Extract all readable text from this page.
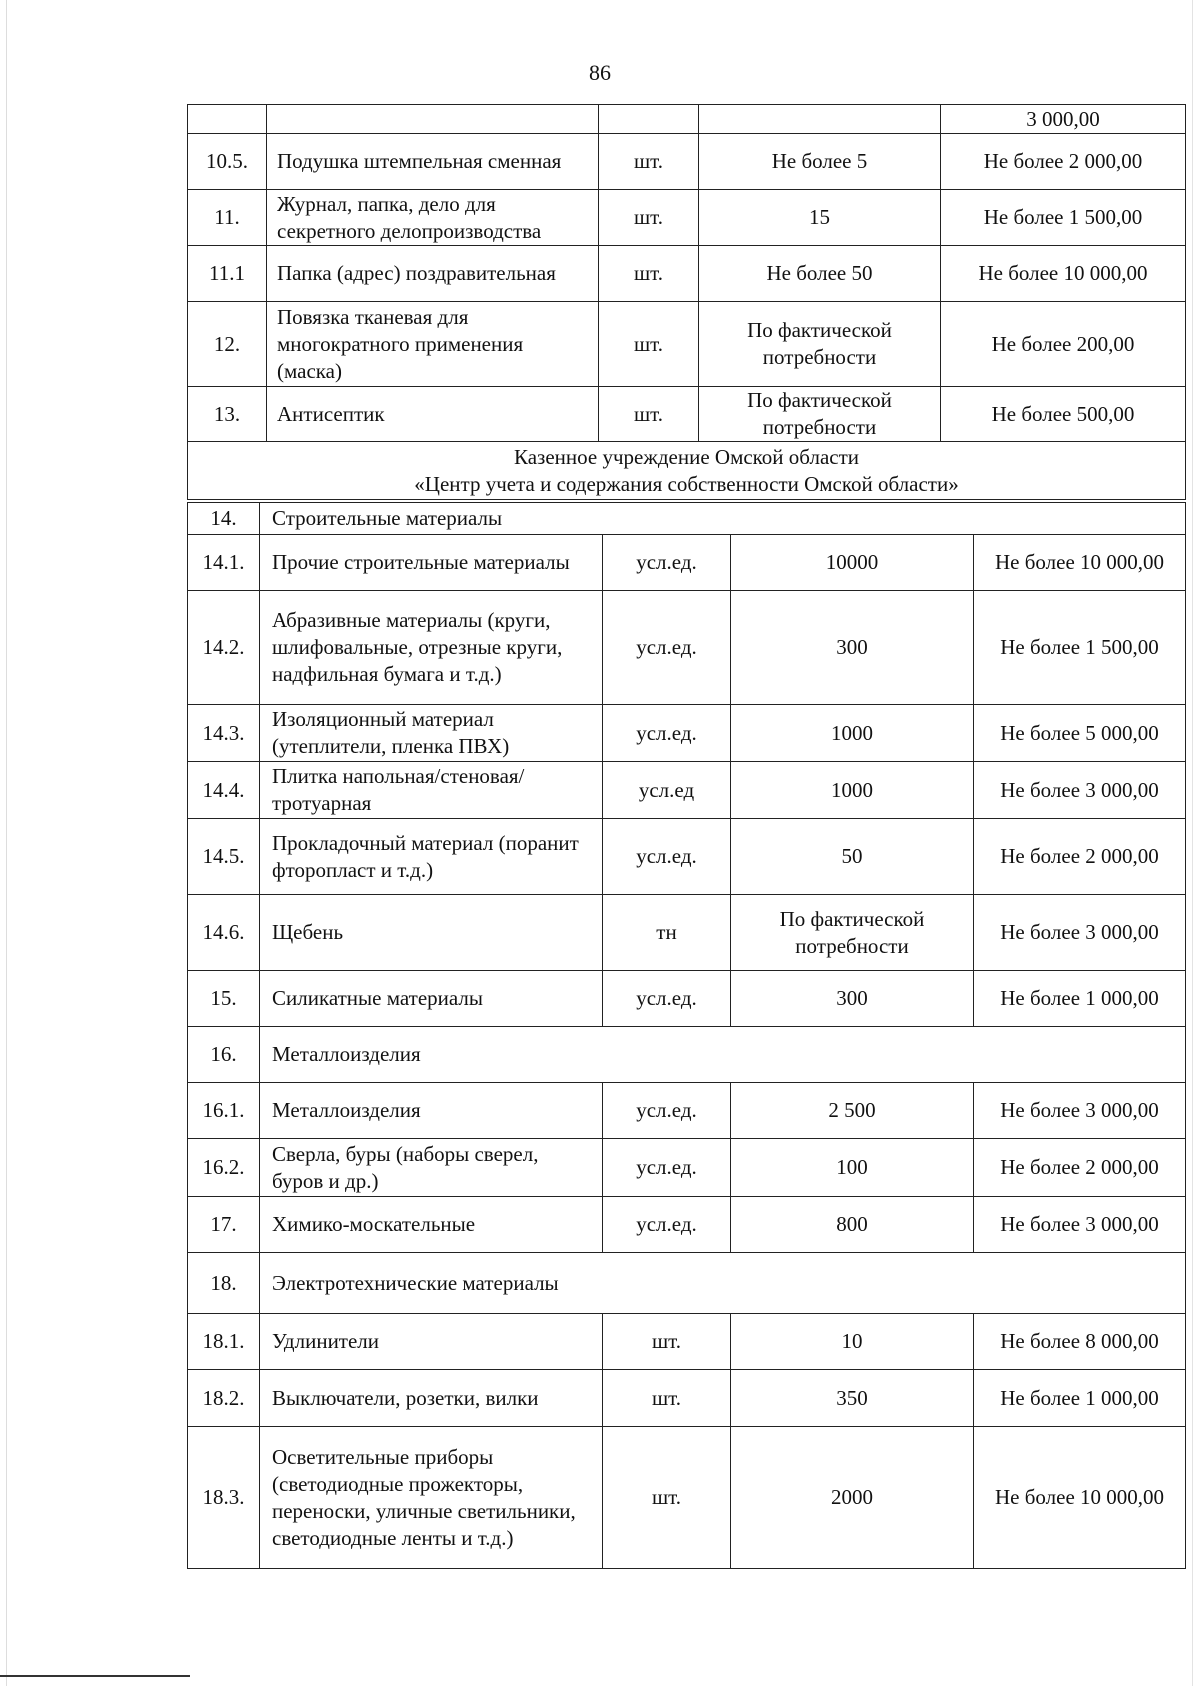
86
				3 000,00
10.5.	Подушка штемпельная сменная	шт.	Не более 5	Не более 2 000,00
11.	Журнал, папка, дело для секретного делопроизводства	шт.	15	Не более 1 500,00
11.1	Папка (адрес) поздравительная	шт.	Не более 50	Не более 10 000,00
12.	Повязка тканевая для многократного применения (маска)	шт.	По фактической потребности	Не более 200,00
13.	Антисептик	шт.	По фактической потребности	Не более 500,00

Казенное учреждение Омской области
«Центр учета и содержания собственности Омской области»				
14.	Строительные материалы			
14.1.	Прочие строительные материалы	усл.ед.	10000	Не более 10 000,00
14.2.	Абразивные материалы (круги, шлифовальные, отрезные круги, надфильная бумага и т.д.)	усл.ед.	300	Не более 1 500,00
14.3.	Изоляционный материал (утеплители, пленка ПВХ)	усл.ед.	1000	Не более 5 000,00
14.4.	Плитка напольная/стеновая/тротуарная	усл.ед	1000	Не более 3 000,00
14.5.	Прокладочный материал (поранит фторопласт и т.д.)	усл.ед.	50	Не более 2 000,00
14.6.	Щебень	тн	По фактической потребности	Не более 3 000,00
15.	Силикатные материалы	усл.ед.	300	Не более 1 000,00
16.	Металлоизделия			
16.1.	Металлоизделия	усл.ед.	2 500	Не более 3 000,00
16.2.	Сверла, буры (наборы сверел, буров и др.)	усл.ед.	100	Не более 2 000,00
17.	Химико-москательные	усл.ед.	800	Не более 3 000,00
18.	Электротехнические материалы			
18.1.	Удлинители	шт.	10	Не более 8 000,00
18.2.	Выключатели, розетки, вилки	шт.	350	Не более 1 000,00
18.3.	Осветительные приборы (светодиодные прожекторы, переноски, уличные светильники, светодиодные ленты и т.д.)	шт.	2000	Не более 10 000,00
